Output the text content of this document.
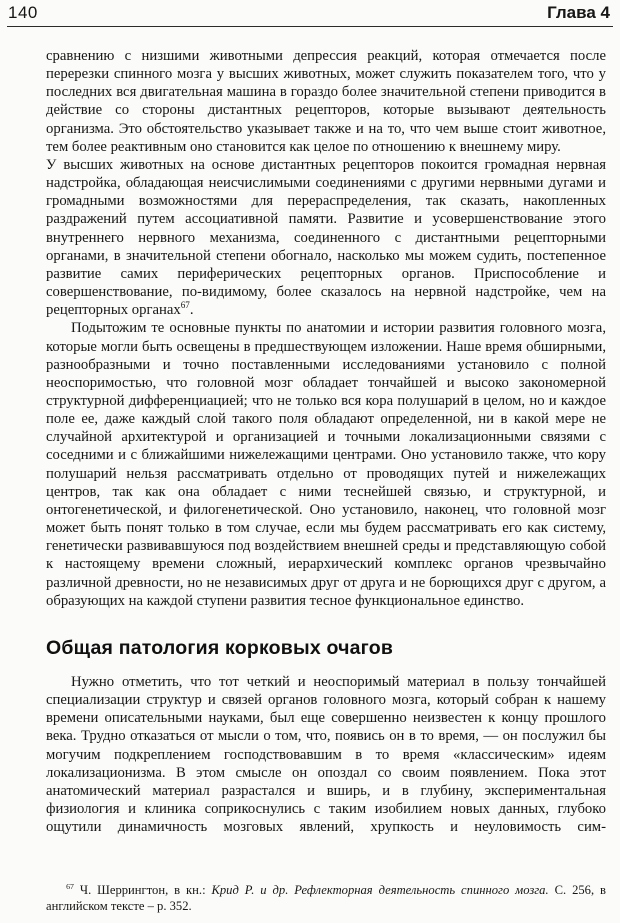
140	Глава 4

сравнению с низшими животными депрессия реакций, которая отмечается после перерезки спинного мозга у высших животных, может служить показателем того, что у последних вся двигательная машина в гораздо более значительной степени приводится в действие со стороны дистантных рецепторов, которые вызывают деятельность организма. Это обстоятельство указывает также и на то, что чем выше стоит животное, тем более реактивным оно становится как целое по отношению к внешнему миру.

У высших животных на основе дистантных рецепторов покоится громадная нервная надстройка, обладающая неисчислимыми соединениями с другими нервными дугами и громадными возможностями для перераспределения, так сказать, накопленных раздражений путем ассоциативной памяти. Развитие и усовершенствование этого внутреннего нервного механизма, соединенного с дистантными рецепторными органами, в значительной степени обогнало, насколько мы можем судить, постепенное развитие самих периферических рецепторных органов. Приспособление и совершенствование, по-видимому, более сказалось на нервной надстройке, чем на рецепторных органах$^{67}$.

Подытожим те основные пункты по анатомии и истории развития головного мозга, которые могли быть освещены в предшествующем изложении. Наше время обширными, разнообразными и точно поставленными исследованиями установило с полной неоспоримостью, что головной мозг обладает тончайшей и высоко закономерной структурной дифференциацией; что не только вся кора полушарий в целом, но и каждое поле ее, даже каждый слой такого поля обладают определенной, ни в какой мере не случайной архитектурой и организацией и точными локализационными связями с соседними и с ближайшими нижележащими центрами. Оно установило также, что кору полушарий нельзя рассматривать отдельно от проводящих путей и нижележащих центров, так как она обладает с ними теснейшей связью, и структурной, и онтогенетической, и филогенетической. Оно установило, наконец, что головной мозг может быть понят только в том случае, если мы будем рассматривать его как систему, генетически развивавшуюся под воздействием внешней среды и представляющую собой к настоящему времени сложный, иерархический комплекс органов чрезвычайно различной древности, но не независимых друг от друга и не борющихся друг с другом, а образующих на каждой ступени развития тесное функциональное единство.

Общая патология корковых очагов

Нужно отметить, что тот четкий и неоспоримый материал в пользу тончайшей специализации структур и связей органов головного мозга, который собран к нашему времени описательными науками, был еще совершенно неизвестен к концу прошлого века. Трудно отказаться от мысли о том, что, появись он в то время, — он послужил бы могучим подкреплением господствовавшим в то время «классическим» идеям локализационизма. В этом смысле он опоздал со своим появлением. Пока этот анатомический материал разрастался и вширь, и в глубину, экспериментальная физиология и клиника соприкоснулись с таким изобилием новых данных, глубоко ощутили динамичность мозговых явлений, хрупкость и неуловимость сим-

$^{67}$ Ч. Шеррингтон, в кн.: Крид Р. и др. Рефлекторная деятельность спинного мозга. С. 256, в английском тексте – р. 352.
